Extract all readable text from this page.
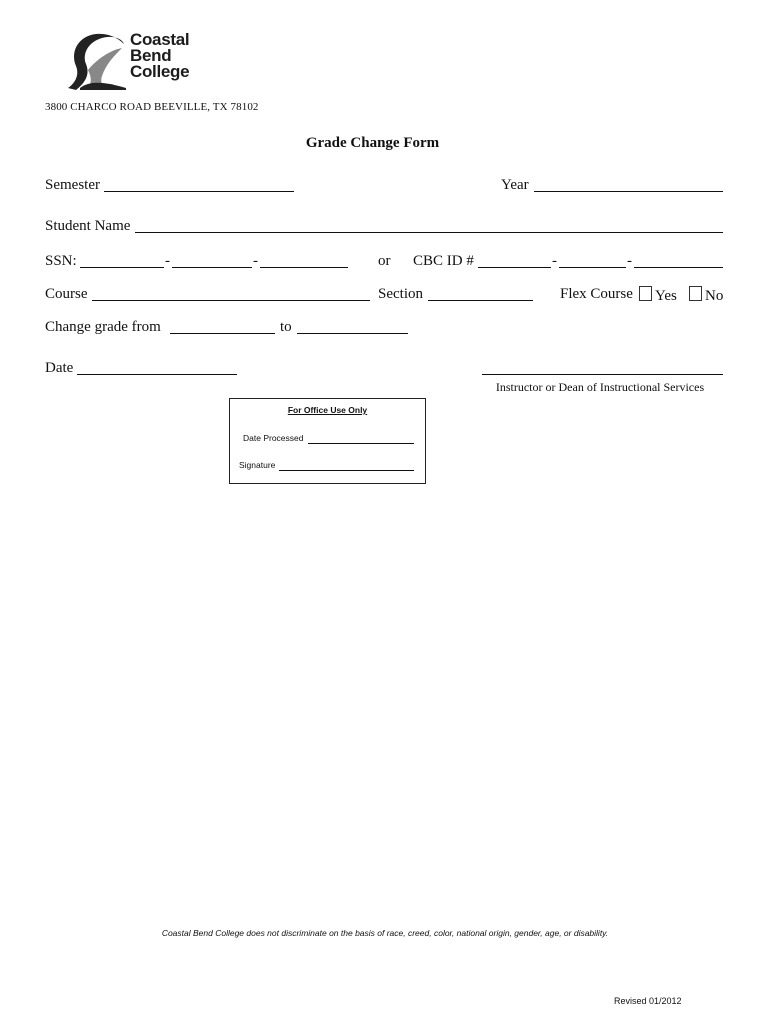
Coastal
Bend
College
3800 CHARCO ROAD BEEVILLE, TX 78102
Grade Change Form
Semester	Year
Student Name
SSN:	-	-	or CBC ID #	-	-
Course	Section	Flex Course	Yes	No
Change grade from	to
Date
Instructor or Dean of Instructional Services
For Office Use Only
Date Processed
Signature
Coastal Bend College does not discriminate on the basis of race, creed, color, national origin, gender, age, or disability.
Revised 01/2012
